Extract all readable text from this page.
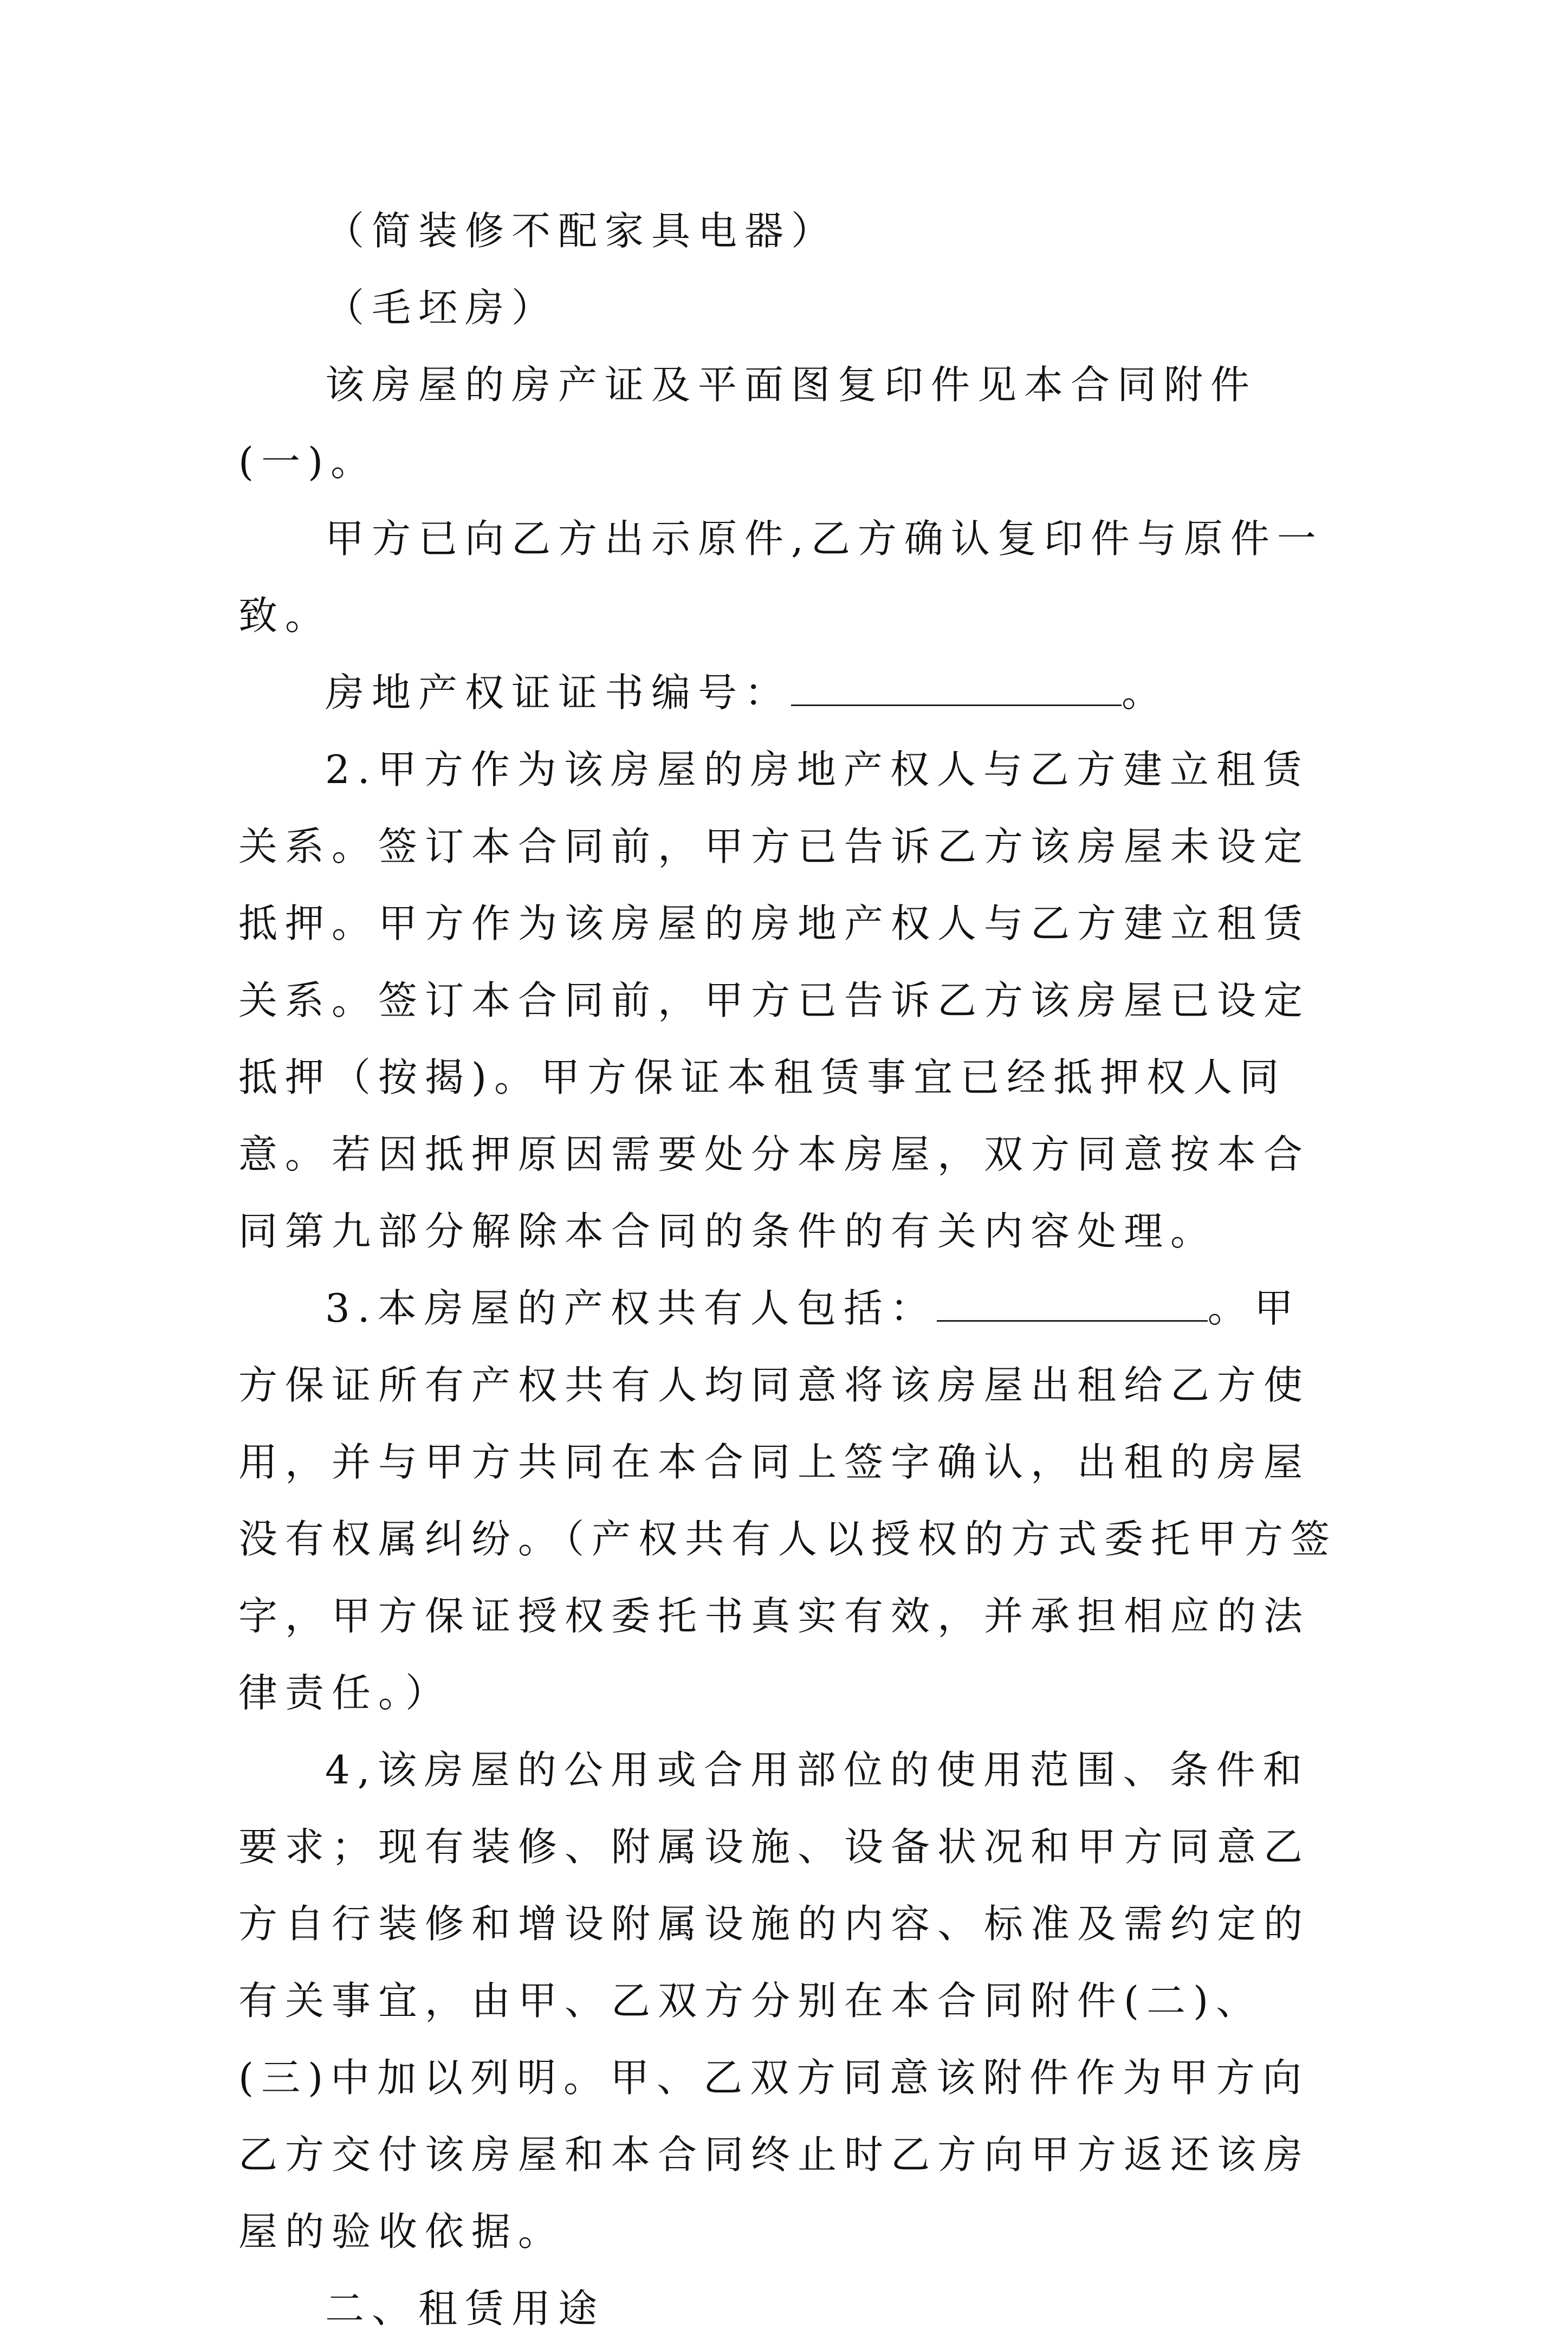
（简装修不配家具电器）

（毛坯房）

该房屋的房产证及平面图复印件见本合同附件(一)。

甲方已向乙方出示原件,乙方确认复印件与原件一致。

房地产权证证书编号：	。

2.甲方作为该房屋的房地产权人与乙方建立租赁关系。签订本合同前，甲方已告诉乙方该房屋未设定抵押。甲方作为该房屋的房地产权人与乙方建立租赁关系。签订本合同前，甲方已告诉乙方该房屋已设定抵押（按揭)。甲方保证本租赁事宜已经抵押权人同意。若因抵押原因需要处分本房屋，双方同意按本合同第九部分解除本合同的条件的有关内容处理。

3.本房屋的产权共有人包括：	。甲方保证所有产权共有人均同意将该房屋出租给乙方使用，并与甲方共同在本合同上签字确认，出租的房屋没有权属纠纷。（产权共有人以授权的方式委托甲方签字，甲方保证授权委托书真实有效，并承担相应的法律责任。）

4,该房屋的公用或合用部位的使用范围、条件和要求；现有装修、附属设施、设备状况和甲方同意乙方自行装修和增设附属设施的内容、标准及需约定的有关事宜，由甲、乙双方分别在本合同附件(二)、(三)中加以列明。甲、乙双方同意该附件作为甲方向乙方交付该房屋和本合同终止时乙方向甲方返还该房屋的验收依据。

二、租赁用途
